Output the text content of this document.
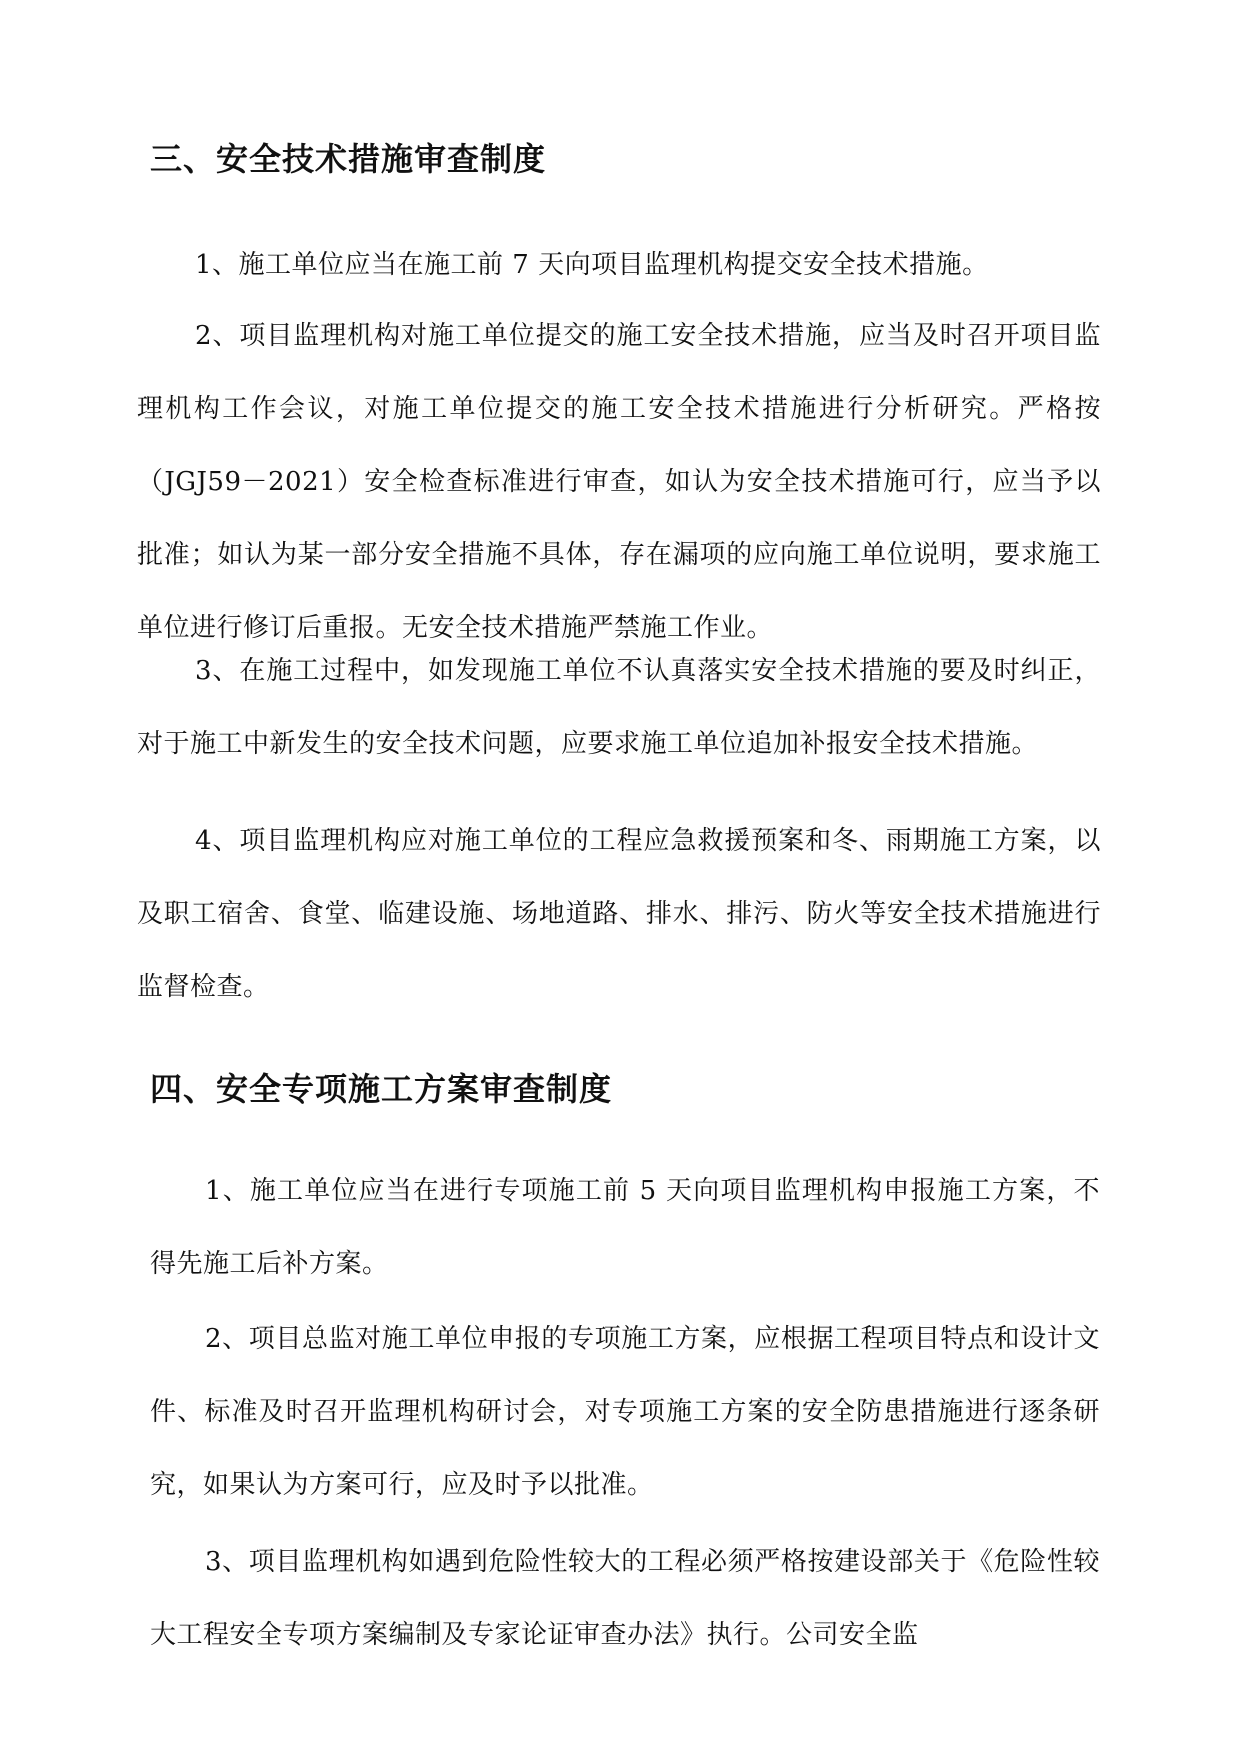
三、安全技术措施审查制度

1、施工单位应当在施工前 7 天向项目监理机构提交安全技术措施。

2、项目监理机构对施工单位提交的施工安全技术措施，应当及时召开项目监理机构工作会议，对施工单位提交的施工安全技术措施进行分析研究。严格按（JGJ59－2021）安全检查标准进行审查，如认为安全技术措施可行，应当予以批准；如认为某一部分安全措施不具体，存在漏项的应向施工单位说明，要求施工单位进行修订后重报。无安全技术措施严禁施工作业。

3、在施工过程中，如发现施工单位不认真落实安全技术措施的要及时纠正，对于施工中新发生的安全技术问题，应要求施工单位追加补报安全技术措施。

4、项目监理机构应对施工单位的工程应急救援预案和冬、雨期施工方案，以及职工宿舍、食堂、临建设施、场地道路、排水、排污、防火等安全技术措施进行监督检查。

四、安全专项施工方案审查制度

1、施工单位应当在进行专项施工前 5 天向项目监理机构申报施工方案，不得先施工后补方案。

2、项目总监对施工单位申报的专项施工方案，应根据工程项目特点和设计文件、标准及时召开监理机构研讨会，对专项施工方案的安全防患措施进行逐条研究，如果认为方案可行，应及时予以批准。

3、项目监理机构如遇到危险性较大的工程必须严格按建设部关于《危险性较大工程安全专项方案编制及专家论证审查办法》执行。公司安全监
